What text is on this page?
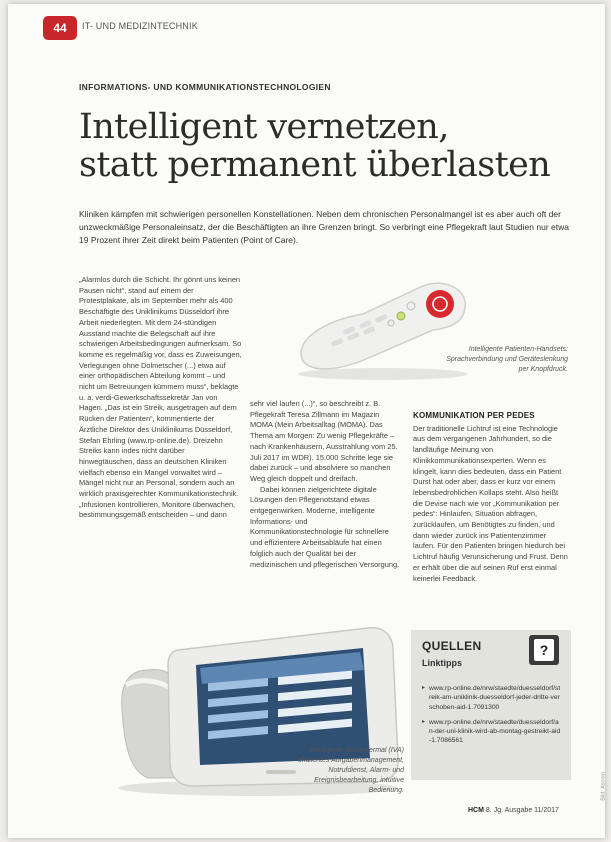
44 IT- UND MEDIZINTECHNIK
INFORMATIONS- UND KOMMUNIKATIONSTECHNOLOGIEN
Intelligent vernetzen,
statt permanent überlasten
Kliniken kämpfen mit schwierigen personellen Konstellationen. Neben dem chronischen Personalmangel ist es aber auch oft der unzweckmäßige Personaleinsatz, der die Beschäftigten an ihre Grenzen bringt. So verbringt eine Pflegekraft laut Studien nur etwa 19 Prozent ihrer Zeit direkt beim Patienten (Point of Care).
Intelligente Patienten-Handsets: Sprachverbindung und Geräteslenkung per Knopfdruck.

„Alarmlos durch die Schicht. Ihr gönnt uns keinen Pausen nicht“, stand auf einem der Protestplakate, als im September mehr als 400 Beschäftigte des Uniklinikums Düsseldorf ihre Arbeit niederlegten. Mit dem 24-stündigen Ausstand machte die Belegschaft auf ihre schwierigen Arbeitsbedingungen aufmerksam. So komme es regelmäßig vor, dass es Zuweisungen, Verlegungen ohne Dolmetscher (...) etwa auf einer orthopädischen Abteilung kommt – und nicht um Betreuungen kümmern muss“, beklagte u. a. verdi-Gewerkschaftssekretär Jan von Hagen. „Das ist ein Streik, ausgetragen auf dem Rücken der Patienten“, kommentierte der Ärztliche Direktor des Uniklinikums Düsseldorf, Stefan Ehrling (www.rp-online.de). Dreizehn Streiks kann indes nicht darüber hinwegtäuschen, dass an deutschen Kliniken vielfach ebenso ein Mangel vorwaltet wird – Mängel nicht nur an Personal, sondern auch an wirklich praxisgerechter Kommunikationstechnik. „Infusionen kontrollieren, Monitore überwachen, bestimmungsgemäß entscheiden – und dann

sehr viel laufen (...)“, so beschreibt z. B. Pflegekraft Teresa Zillmann im Magazin MOMA (Mein Arbeitsalltag (MOMA). Das Thema am Morgen: Zu wenig Pflegekräfte – nach Krankenhäusern, Ausstrahlung vom 25. Juli 2017 im WDR). 15.000 Schritte lege sie dabei zurück – und absolviere so manchen Weg gleich doppelt und dreifach.

Dabei können zielgerichtete digitale Lösungen den Pflegenotstand etwas entgegenwirken. Moderne, intelligente Informations- und Kommunikationstechnologie für schnellere und effizientere Arbeitsabläufe hat einen folglich auch der Qualität bei der medizinischen und pflegerischen Versorgung.

KOMMUNIKATION PER PEDES

Der traditionelle Lichtruf ist eine Technologie aus dem vergangenen Jahrhundert, so die landläufige Meinung von Klinikkommunikationsexperten. Wenn es klingelt, kann dies bedeuten, dass ein Patient Durst hat oder aber, dass er kurz vor einem lebensbedrohlichen Kollaps steht. Also heißt die Devise nach wie vor „Kommunikation per pedes“: Hinlaufen, Situation abfragen, zurücklaufen, um Benötigtes zu finden, und dann wieder zurück ins Patientenzimmer laufen. Für den Patienten bringen hiedurch bei Lichtruf häufig Verunsicherung und Frust. Denn er erhält über die auf seinen Ruf erst einmal keinerlei Feedback.

Intelligente Bedientermal (IVA) effizientes Aufgabenmanagement, Notrufdienst, Alarm- und Ereignisbearbeitung, intuitive Bedienung.
QUELLEN
Linktipps
?
▸ www.rp-online.de/nrw/staedte/duesseldorf/streik-am-uniklinik-duesseldorf-jeder-dritte-verschoben-aid-1.7091300
▸ www.rp-online.de/nrw/staedte/duesseldorf/an-der-uni-klinik-wird-ab-montag-gestreikt-aid-1.7086561
HCM 8. Jg. Ausgabe 11/2017
Bild: Ascom
